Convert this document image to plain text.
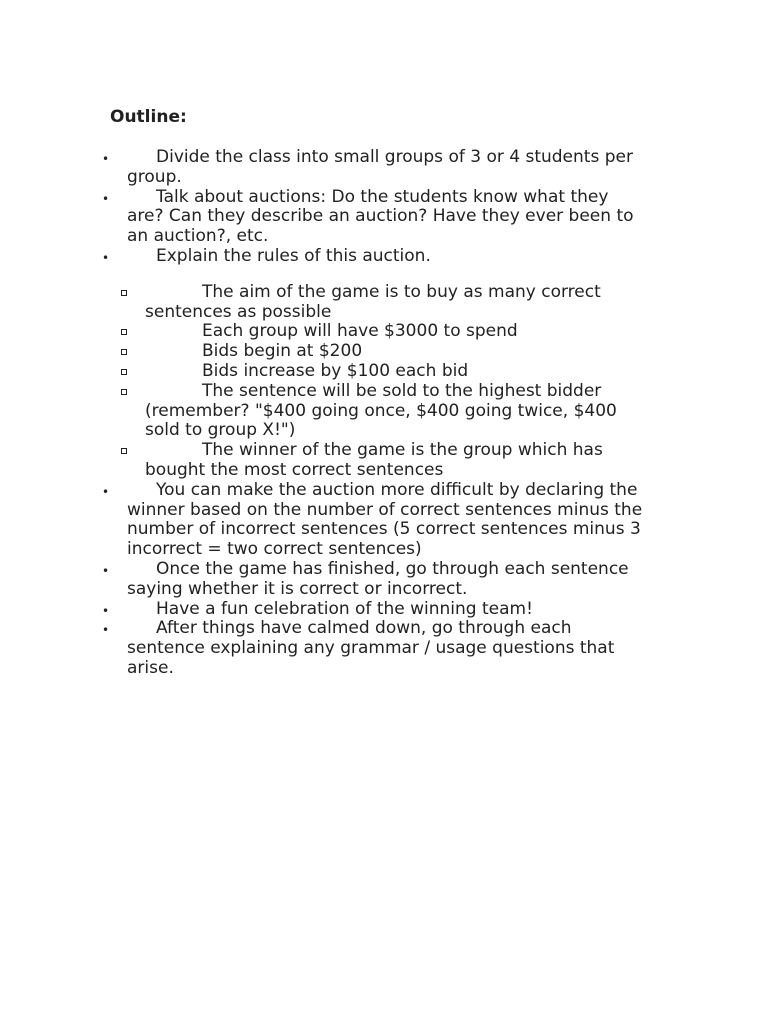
Outline:
•	Divide the class into small groups of 3 or 4 students per group.
•	Talk about auctions: Do the students know what they are? Can they describe an auction? Have they ever been to an auction?, etc.
•	Explain the rules of this auction.
The aim of the game is to buy as many correct sentences as possible
Each group will have $3000 to spend
Bids begin at $200
Bids increase by $100 each bid
The sentence will be sold to the highest bidder (remember? "$400 going once, $400 going twice, $400 sold to group X!")
The winner of the game is the group which has bought the most correct sentences
•	You can make the auction more difficult by declaring the winner based on the number of correct sentences minus the number of incorrect sentences (5 correct sentences minus 3 incorrect = two correct sentences)
•	Once the game has finished, go through each sentence saying whether it is correct or incorrect.
•	Have a fun celebration of the winning team!
•	After things have calmed down, go through each sentence explaining any grammar / usage questions that arise.
